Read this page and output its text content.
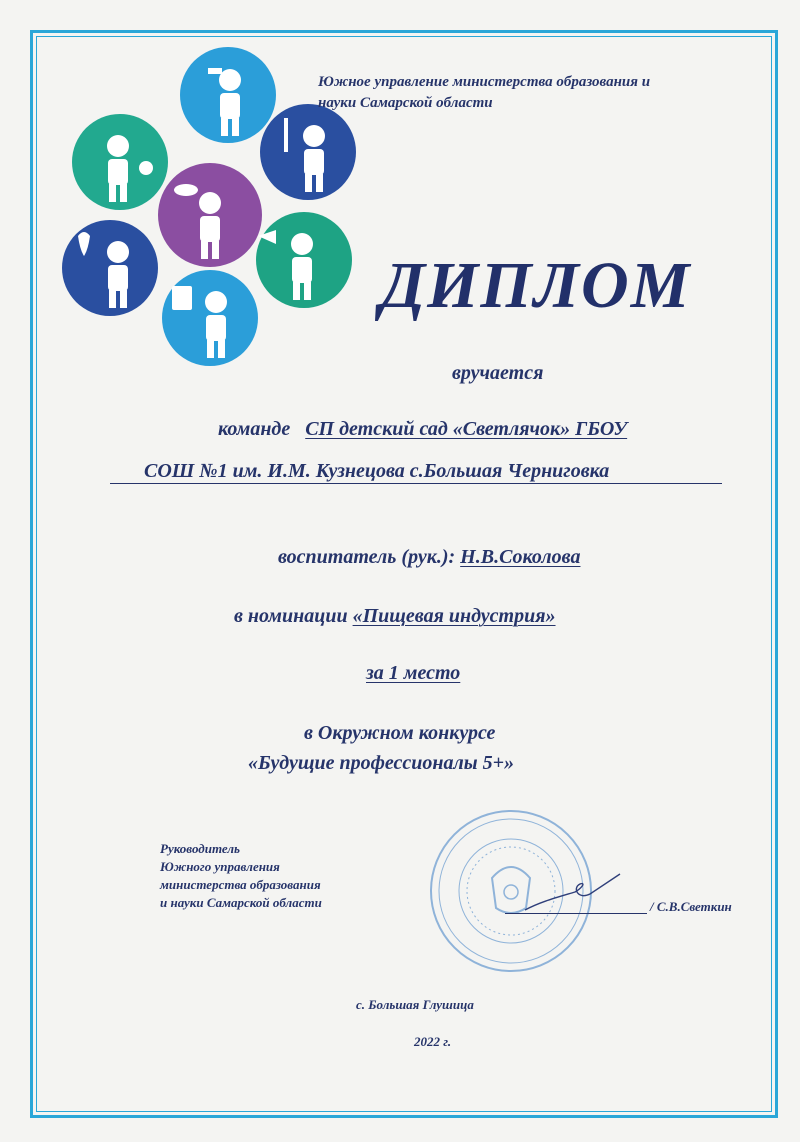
Южное управление министерства образования и
науки Самарской области
ДИПЛОМ
вручается
команде СП детский сад «Светлячок» ГБОУ
СОШ №1 им. И.М. Кузнецова с.Большая Черниговка
воспитатель (рук.): Н.В.Соколова
в номинации «Пищевая индустрия»
за 1 место
в Окружном конкурсе
«Будущие профессионалы 5+»
Руководитель
Южного управления
министерства образования
и науки Самарской области	/ С.В.Светкин
с. Большая Глушица
2022 г.
